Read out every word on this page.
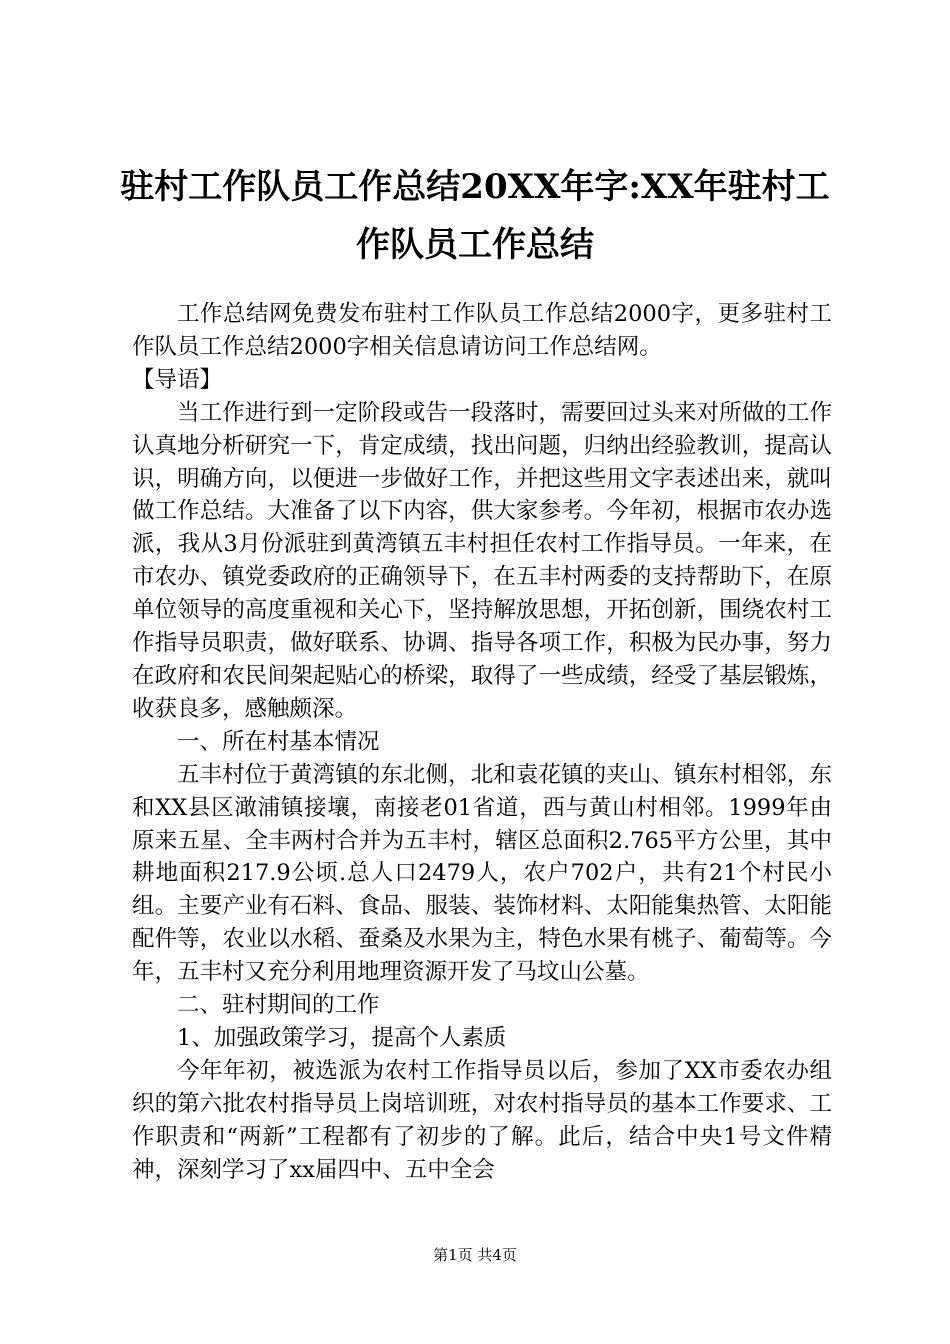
驻村工作队员工作总结20XX年字:XX年驻村工作队员工作总结

工作总结网免费发布驻村工作队员工作总结2000字，更多驻村工作队员工作总结2000字相关信息请访问工作总结网。

【导语】

当工作进行到一定阶段或告一段落时，需要回过头来对所做的工作认真地分析研究一下，肯定成绩，找出问题，归纳出经验教训，提高认识，明确方向，以便进一步做好工作，并把这些用文字表述出来，就叫做工作总结。大准备了以下内容，供大家参考。今年初，根据市农办选派，我从3月份派驻到黄湾镇五丰村担任农村工作指导员。一年来，在市农办、镇党委政府的正确领导下，在五丰村两委的支持帮助下，在原单位领导的高度重视和关心下，坚持解放思想，开拓创新，围绕农村工作指导员职责，做好联系、协调、指导各项工作，积极为民办事，努力在政府和农民间架起贴心的桥梁，取得了一些成绩，经受了基层锻炼，收获良多，感触颇深。

一、所在村基本情况

五丰村位于黄湾镇的东北侧，北和袁花镇的夹山、镇东村相邻，东和XX县区澉浦镇接壤，南接老01省道，西与黄山村相邻。1999年由原来五星、全丰两村合并为五丰村，辖区总面积2.765平方公里，其中耕地面积217.9公顷.总人口2479人，农户702户，共有21个村民小组。主要产业有石料、食品、服装、装饰材料、太阳能集热管、太阳能配件等，农业以水稻、蚕桑及水果为主，特色水果有桃子、葡萄等。今年，五丰村又充分利用地理资源开发了马坟山公墓。

二、驻村期间的工作

1、加强政策学习，提高个人素质

今年年初，被选派为农村工作指导员以后，参加了XX市委农办组织的第六批农村指导员上岗培训班，对农村指导员的基本工作要求、工作职责和“两新”工程都有了初步的了解。此后，结合中央1号文件精神，深刻学习了xx届四中、五中全会

第1页 共4页
